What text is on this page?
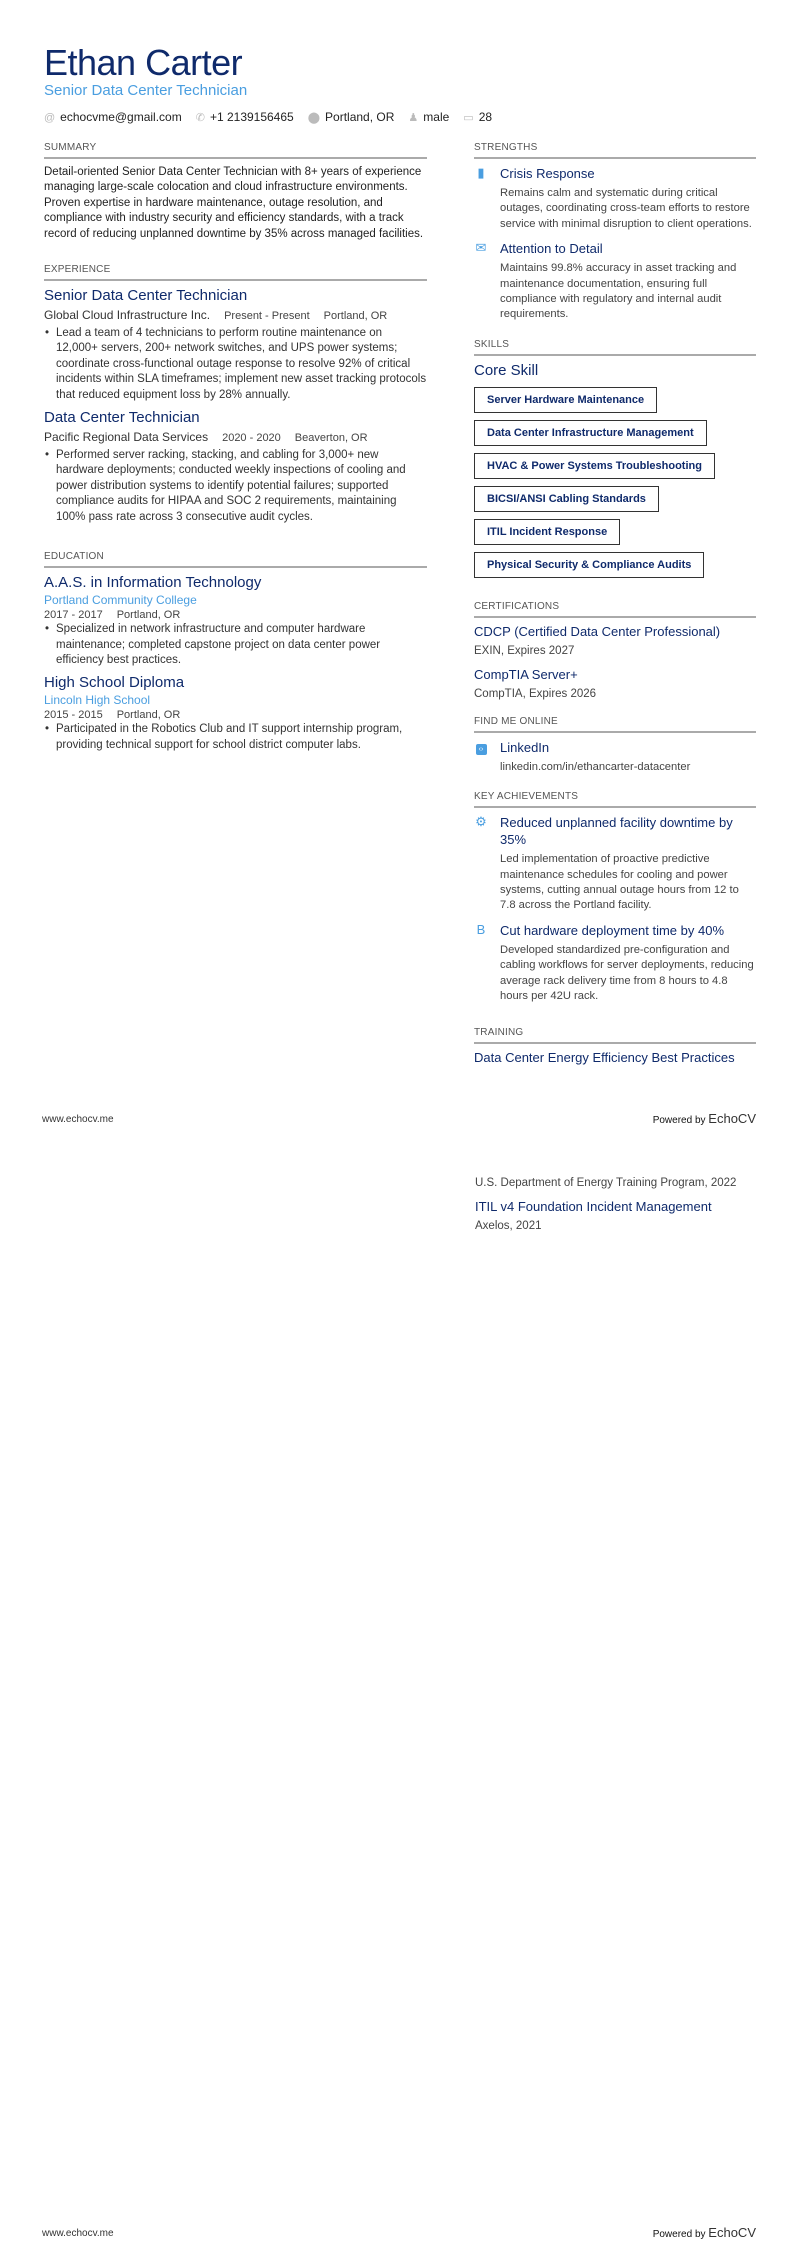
Ethan Carter
Senior Data Center Technician
@ echocvme@gmail.com ✆ +1 2139156465 ⬤ Portland, OR ♟ male ▭ 28
SUMMARY
Detail-oriented Senior Data Center Technician with 8+ years of experience managing large-scale colocation and cloud infrastructure environments. Proven expertise in hardware maintenance, outage resolution, and compliance with industry security and efficiency standards, with a track record of reducing unplanned downtime by 35% across managed facilities.
EXPERIENCE
Senior Data Center Technician
Global Cloud Infrastructure Inc. Present - Present Portland, OR
• Lead a team of 4 technicians to perform routine maintenance on 12,000+ servers, 200+ network switches, and UPS power systems; coordinate cross-functional outage response to resolve 92% of critical incidents within SLA timeframes; implement new asset tracking protocols that reduced equipment loss by 28% annually.
Data Center Technician
Pacific Regional Data Services 2020 - 2020 Beaverton, OR
• Performed server racking, stacking, and cabling for 3,000+ new hardware deployments; conducted weekly inspections of cooling and power distribution systems to identify potential failures; supported compliance audits for HIPAA and SOC 2 requirements, maintaining 100% pass rate across 3 consecutive audit cycles.
EDUCATION
A.A.S. in Information Technology
Portland Community College
2017 - 2017 Portland, OR
• Specialized in network infrastructure and computer hardware maintenance; completed capstone project on data center power efficiency best practices.
High School Diploma
Lincoln High School
2015 - 2015 Portland, OR
• Participated in the Robotics Club and IT support internship program, providing technical support for school district computer labs.
STRENGTHS
▮ Crisis Response
Remains calm and systematic during critical outages, coordinating cross-team efforts to restore service with minimal disruption to client operations.
✉ Attention to Detail
Maintains 99.8% accuracy in asset tracking and maintenance documentation, ensuring full compliance with regulatory and internal audit requirements.
SKILLS
Core Skill
Server Hardware Maintenance
Data Center Infrastructure Management
HVAC & Power Systems Troubleshooting
BICSI/ANSI Cabling Standards
ITIL Incident Response
Physical Security & Compliance Audits
CERTIFICATIONS
CDCP (Certified Data Center Professional)
EXIN, Expires 2027
CompTIA Server+
CompTIA, Expires 2026
FIND ME ONLINE
‹›	LinkedIn
linkedin.com/in/ethancarter-datacenter
KEY ACHIEVEMENTS
⚙ Reduced unplanned facility downtime by 35%
Led implementation of proactive predictive maintenance schedules for cooling and power systems, cutting annual outage hours from 12 to 7.8 across the Portland facility.
B Cut hardware deployment time by 40%
Developed standardized pre-configuration and cabling workflows for server deployments, reducing average rack delivery time from 8 hours to 4.8 hours per 42U rack.
TRAINING
Data Center Energy Efficiency Best Practices
www.echocv.me	Powered by EchoCV
U.S. Department of Energy Training Program, 2022
ITIL v4 Foundation Incident Management
Axelos, 2021
www.echocv.me	Powered by EchoCV
